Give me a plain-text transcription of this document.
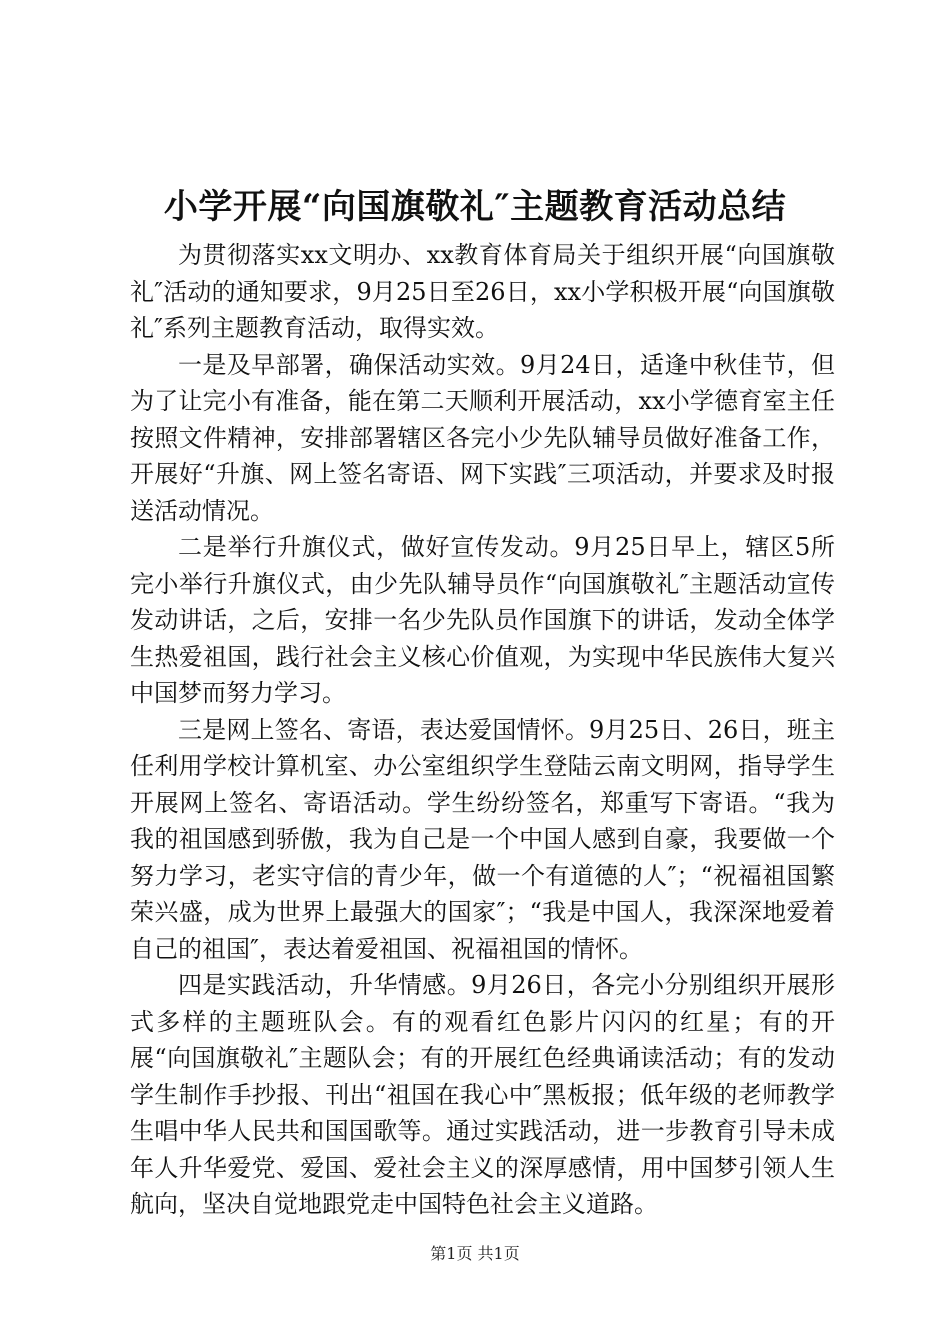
小学开展“向国旗敬礼″主题教育活动总结

为贯彻落实xx文明办、xx教育体育局关于组织开展“向国旗敬礼″活动的通知要求，9月25日至26日，xx小学积极开展“向国旗敬礼″系列主题教育活动，取得实效。

一是及早部署，确保活动实效。9月24日，适逢中秋佳节，但为了让完小有准备，能在第二天顺利开展活动，xx小学德育室主任按照文件精神，安排部署辖区各完小少先队辅导员做好准备工作，开展好“升旗、网上签名寄语、网下实践″三项活动，并要求及时报送活动情况。

二是举行升旗仪式，做好宣传发动。9月25日早上，辖区5所完小举行升旗仪式，由少先队辅导员作“向国旗敬礼″主题活动宣传发动讲话，之后，安排一名少先队员作国旗下的讲话，发动全体学生热爱祖国，践行社会主义核心价值观，为实现中华民族伟大复兴中国梦而努力学习。

三是网上签名、寄语，表达爱国情怀。9月25日、26日，班主任利用学校计算机室、办公室组织学生登陆云南文明网，指导学生开展网上签名、寄语活动。学生纷纷签名，郑重写下寄语。“我为我的祖国感到骄傲，我为自己是一个中国人感到自豪，我要做一个努力学习，老实守信的青少年，做一个有道德的人″；“祝福祖国繁荣兴盛，成为世界上最强大的国家″；“我是中国人，我深深地爱着自己的祖国″，表达着爱祖国、祝福祖国的情怀。

四是实践活动，升华情感。9月26日，各完小分别组织开展形式多样的主题班队会。有的观看红色影片闪闪的红星；有的开展“向国旗敬礼″主题队会；有的开展红色经典诵读活动；有的发动学生制作手抄报、刊出“祖国在我心中″黑板报；低年级的老师教学生唱中华人民共和国国歌等。通过实践活动，进一步教育引导未成年人升华爱党、爱国、爱社会主义的深厚感情，用中国梦引领人生航向，坚决自觉地跟党走中国特色社会主义道路。

第1页 共1页
